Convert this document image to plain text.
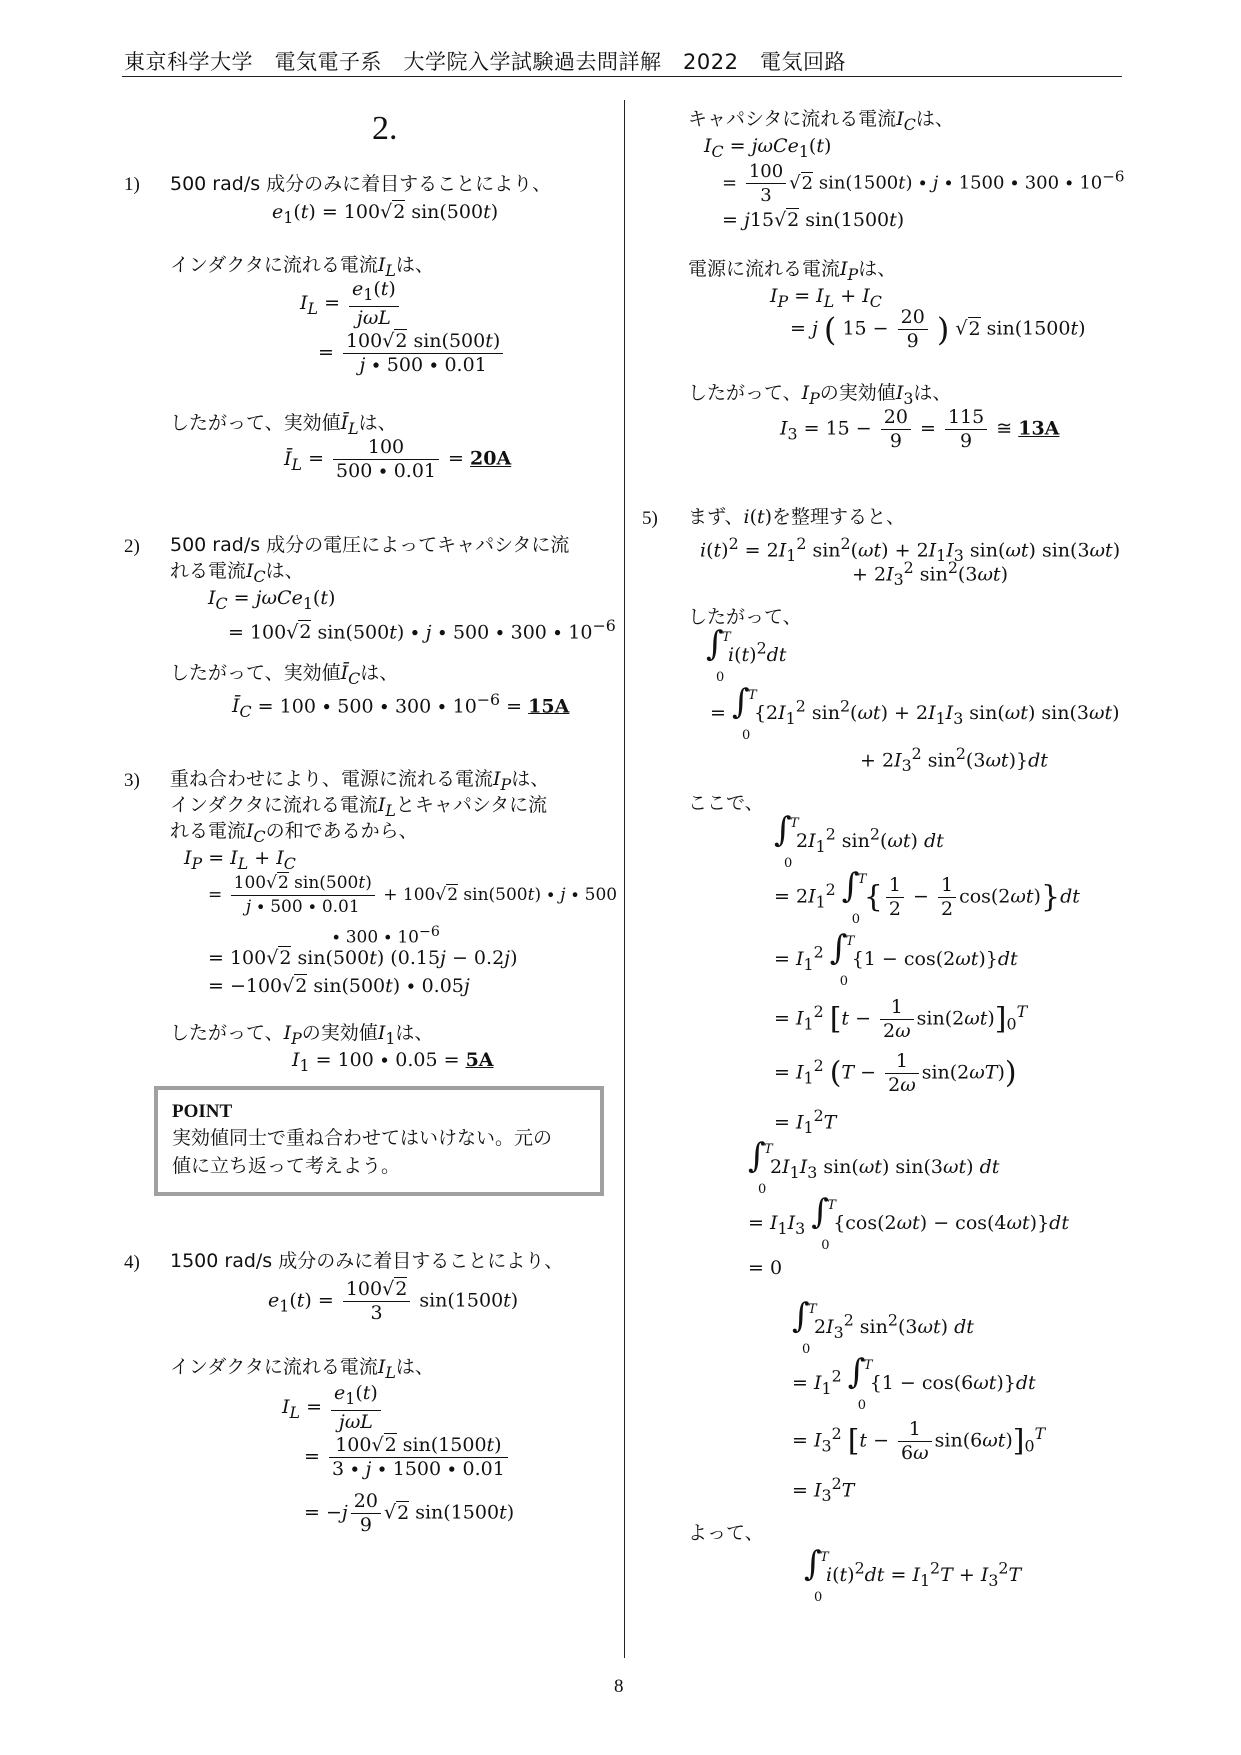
東京科学大学　電気電子系　大学院入学試験過去問詳解　2022　電気回路
2.
1) 500 rad/s 成分のみに着目することにより、
$e_1(t) = 100√2$ sin(500t)
インダクタに流れる電流$I_L$は、
$I_L$ =
$e_1(t)$
jωL
= $\frac{100√2 \sin(500t)}{j \cdot 500 \cdot 0.01}$
したがって、実効値$Ī_L$は、
$Ī_L = \frac{100}{500 \cdot 0.01} = 20A$
2) 500 rad/s 成分の電圧によってキャパシタに流
れる電流$I_C$は、
$I_C = j\omega Ce_1(t)$
= 100√2 $\sin(500t) \cdot j \cdot 500 \cdot 300 \cdot 10^{-6}$
したがって、実効値$Ī_C$は、
$Ī_C = 100 \cdot 500 \cdot 300 \cdot 10^{-6} = 15A$
3) 重ね合わせにより、電源に流れる電流$I_P$は、
インダクタに流れる電流$I_L$とキャパシタに流
れる電流$I_C$の和であるから、
$I_P = I_L + I_C$
= $\frac{100√2 \sin(500t)}{j \cdot 500 \cdot 0.01} + 100√2$ sin(500t) ∙ j ∙ 500
∙ $300 \cdot 10^{-6}$
= 100√2 sin(500t) (0.15j − 0.2j)
= −100√2 sin(500t) ∙ 0.05j
したがって、$I_P$の実効値$I_1$は、
$I_1 = 100 \cdot 0.05 = 5A$
POINT
実効値同士で重ね合わせてはいけない。元の
値に立ち返って考えよう。
4) 1500 rad/s 成分のみに着目することにより、
$e_1(t) = \frac{100√2}{3} \sin(1500t)$
インダクタに流れる電流$I_L$は、
$I_L$ =
$e_1(t)$
jωL
= $\frac{100√2 \sin(1500t)}{3 \cdot j \cdot 1500 \cdot 0.01}$
= $-j \frac{20}{9} √2$ sin(1500t)
キャパシタに流れる電流$I_C$は、
$I_C = j\omega Ce_1(t)$
= $\frac{100}{3} √2$ $\sin(1500t) \cdot j \cdot 1500 \cdot 300 \cdot 10^{-6}$
= j15√2 sin(1500t)
電源に流れる電流$I_P$は、
$I_P = I_L + I_C$
= j ( $15 - \frac{20}{9}$ ) √2 sin(1500t)
したがって、$I_P$の実効値$I_3$は、
$I_3 = 15 - \frac{20}{9} = \frac{115}{9}$ ≅ 13A
5) まず、i(t)を整理すると、
$i(t)^2 = 2I_1^2$ $\sin^2(\omega t) + 2I_1I_3$ sin(ωt) sin(3ωt)
+ $2I_3^2$ $\sin^2(3\omega t)$
したがって、
∫
T
0
$i(t)^2dt$
= ∫
T
0
{$2I_1^2$ $\sin^2(\omega t) + 2I_1I_3$ sin(ωt) sin(3ωt)
+ $2I_3^2$ $\sin^2(3\omega t)\}dt$
ここで、
∫
T
0
$2I_1^2$ $\sin^2(\omega t)$ dt
= $2I_1^2$ ∫
T
0
{ $\frac{1}{2} - \frac{1}{2} \cos(2\omega t)\}dt$
= $I_1^2$ ∫
T
0
{1 − cos(2ωt)}dt
= $I_1^2$ $[t - \frac{1}{2\omega} \sin(2\omega t)]_0^T$
= $I_1^2$ $(T - \frac{1}{2\omega} \sin(2\omega T))$
= $I_1^2T$
∫
T
0
$2I_1I_3$ sin(ωt) sin(3ωt) dt
= $I_1I_3$ ∫
T
0
{cos(2ωt) − cos(4ωt)}dt
= 0
∫
T
0
$2I_3^2$ $\sin^2(3\omega t)$ dt
= $I_1^2$ ∫
T
0
{1 − cos(6ωt)}dt
= $I_3^2$ $[t - \frac{1}{6\omega} \sin(6\omega t)]_0^T$
= $I_3^2T$
よって、
∫
T
0
$i(t)^2dt = I_1^2T + I_3^2T$
8
